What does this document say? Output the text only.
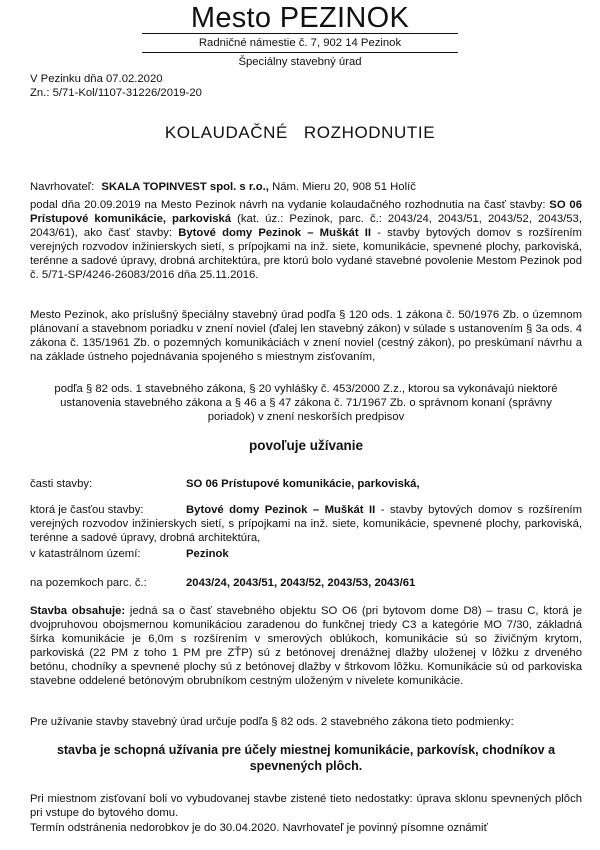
Mesto PEZINOK
Radničné námestie č. 7, 902 14 Pezinok
Špeciálny stavebný úrad
V Pezinku dňa 07.02.2020
Zn.: 5/71-Kol/1107-31226/2019-20
KOLAUDAČNÉ   ROZHODNUTIE
Navrhovateľ: SKALA TOPINVEST spol. s r.o., Nám. Mieru 20, 908 51 Holíč
podal dňa 20.09.2019 na Mesto Pezinok návrh na vydanie kolaudačného rozhodnutia na časť stavby: SO 06 Prístupové komunikácie, parkoviská (kat. úz.: Pezinok, parc. č.: 2043/24, 2043/51, 2043/52, 2043/53, 2043/61), ako časť stavby: Bytové domy Pezinok – Muškát II - stavby bytových domov s rozšírením verejných rozvodov inžinierskych sietí, s prípojkami na inž. siete, komunikácie, spevnené plochy, parkoviská, terénne a sadové úpravy, drobná architektúra, pre ktorú bolo vydané stavebné povolenie Mestom Pezinok pod č. 5/71-SP/4246-26083/2016 dňa 25.11.2016.
Mesto Pezinok, ako príslušný špeciálny stavebný úrad podľa § 120 ods. 1 zákona č. 50/1976 Zb. o územnom plánovaní a stavebnom poriadku v znení noviel (ďalej len stavebný zákon) v súlade s ustanovením § 3a ods. 4 zákona č. 135/1961 Zb. o pozemných komunikáciách v znení noviel (cestný zákon), po preskúmaní návrhu a na základe ústneho pojednávania spojeného s miestnym zisťovaním,
podľa § 82 ods. 1 stavebného zákona, § 20 vyhlášky č. 453/2000 Z.z., ktorou sa vykonávajú niektoré ustanovenia stavebného zákona a § 46 a § 47 zákona č. 71/1967 Zb. o správnom konaní (správny poriadok) v znení neskorších predpisov
povoľuje užívanie
časti stavby:	SO 06 Prístupové komunikácie, parkoviská,
ktorá je časťou stavby:	Bytové domy Pezinok – Muškát II - stavby bytových domov s rozšírením verejných rozvodov inžinierskych sietí, s prípojkami na inž. siete, komunikácie, spevnené plochy, parkoviská, terénne a sadové úpravy, drobná architektúra,
v katastrálnom území:	Pezinok
na pozemkoch parc. č.:	2043/24, 2043/51, 2043/52, 2043/53, 2043/61
Stavba obsahuje: jedná sa o časť stavebného objektu SO O6 (pri bytovom dome D8) – trasu C, ktorá je dvojpruhovou obojsmernou komunikáciou zaradenou do funkčnej triedy C3 a kategórie MO 7/30, základná šírka komunikácie je 6,0m s rozšírením v smerových oblúkoch, komunikácie sú so živičným krytom, parkoviská (22 PM z toho 1 PM pre ZŤP) sú z betónovej drenážnej dlažby uloženej v lôžku z drveného betónu, chodníky a spevnené plochy sú z betónovej dlažby v štrkovom lôžku. Komunikácie sú od parkoviska stavebne oddelené betónovým obrubníkom cestným uloženým v nivelete komunikácie.
Pre užívanie stavby stavebný úrad určuje podľa § 82 ods. 2 stavebného zákona tieto podmienky:
stavba je schopná užívania pre účely miestnej komunikácie, parkovísk, chodníkov a spevnených plôch.
Pri miestnom zisťovaní boli vo vybudovanej stavbe zistené tieto nedostatky: úprava sklonu spevnených plôch pri vstupe do bytového domu.
Termín odstránenia nedorobkov je do 30.04.2020. Navrhovateľ je povinný písomne oznámiť
